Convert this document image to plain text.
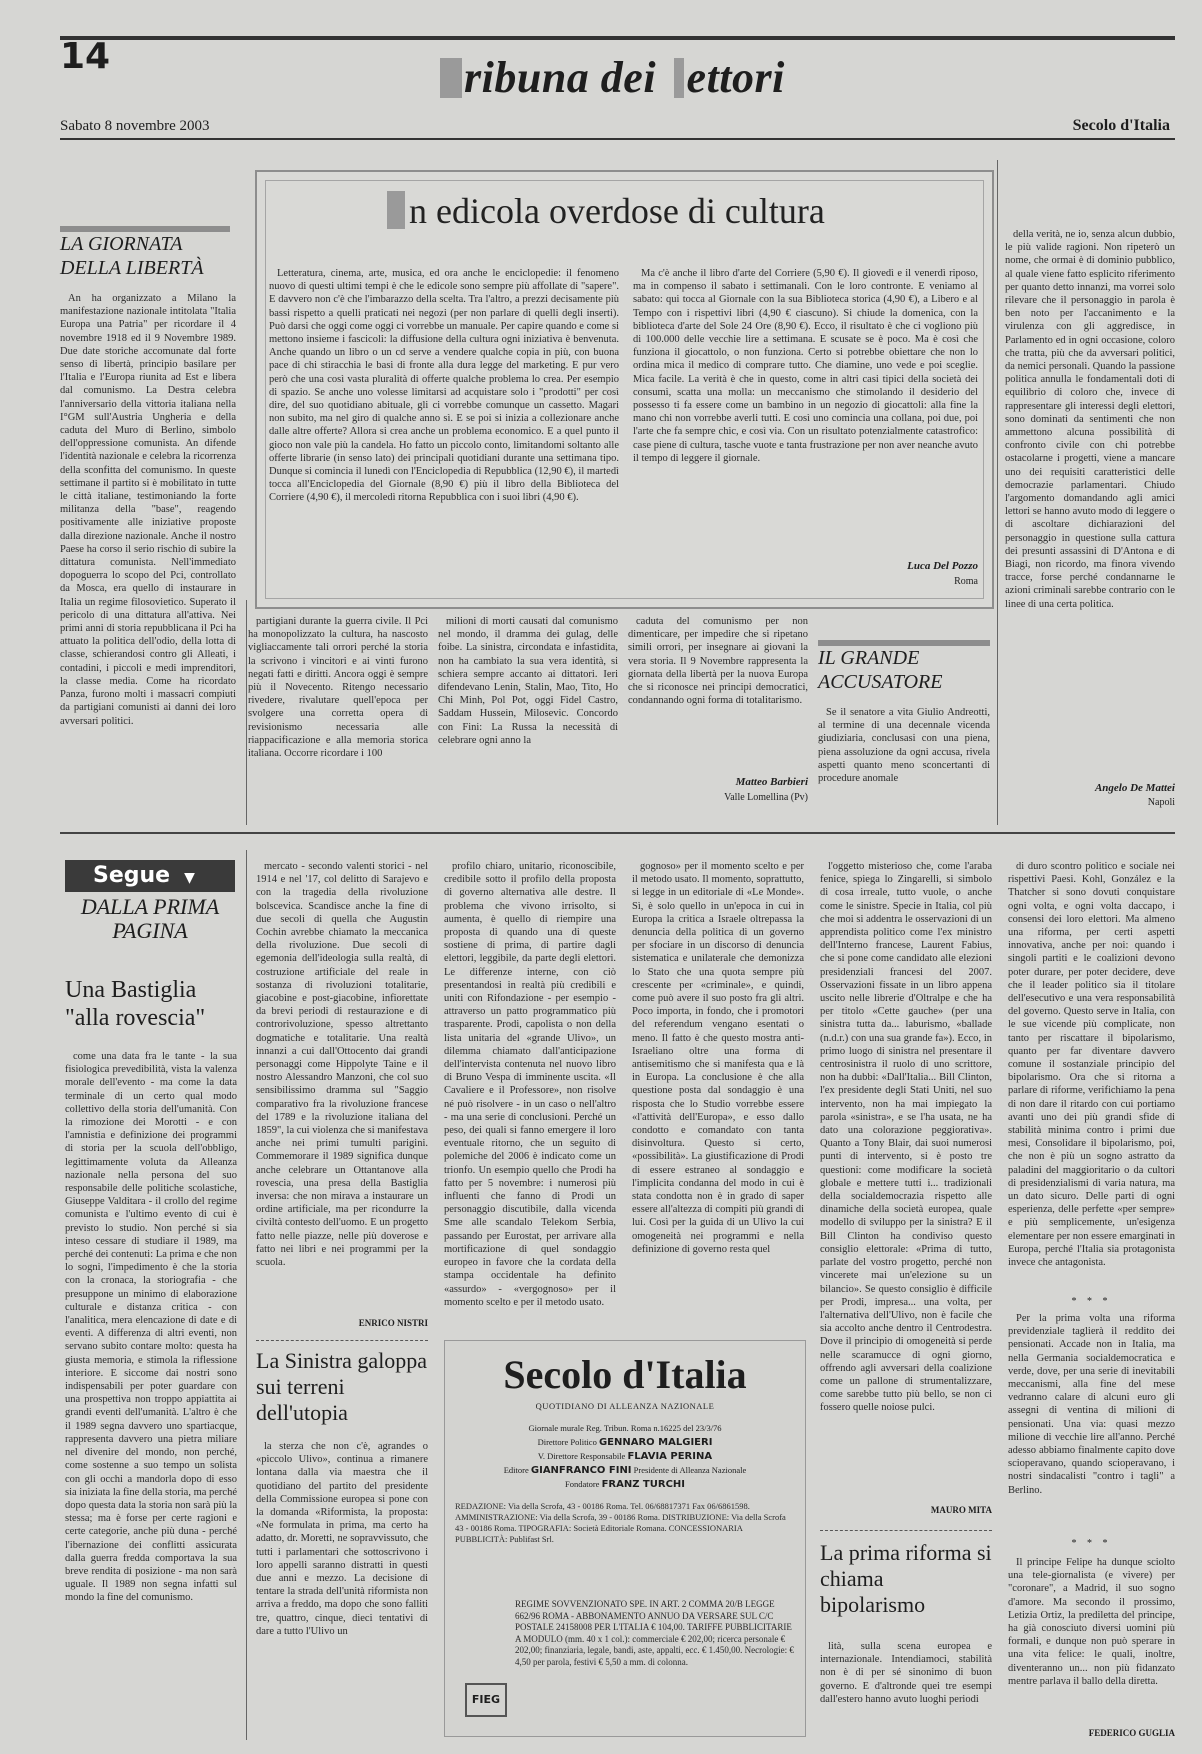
14	ribuna dei ettori
Sabato 8 novembre 2003	Secolo d'Italia
LA GIORNATA DELLA LIBERTÀ

An ha organizzato a Milano la manifestazione nazionale intitolata "Italia Europa una Patria" per ricordare il 4 novembre 1918 ed il 9 Novembre 1989. Due date storiche accomunate dal forte senso di libertà, principio basilare per l'Italia e l'Europa riunita ad Est e libera dal comunismo. La Destra celebra l'anniversario della vittoria italiana nella I°GM sull'Austria Ungheria e della caduta del Muro di Berlino, simbolo dell'oppressione comunista. An difende l'identità nazionale e celebra la ricorrenza della sconfitta del comunismo. In queste settimane il partito si è mobilitato in tutte le città italiane, testimoniando la forte militanza della "base", reagendo positivamente alle iniziative proposte dalla direzione nazionale. Anche il nostro Paese ha corso il serio rischio di subire la dittatura comunista. Nell'immediato dopoguerra lo scopo del Pci, controllato da Mosca, era quello di instaurare in Italia un regime filosovietico. Superato il pericolo di una dittatura all'attiva. Nei primi anni di storia repubblicana il Pci ha attuato la politica dell'odio, della lotta di classe, schierandosi contro gli Alleati, i contadini, i piccoli e medi imprenditori, la classe media. Come ha ricordato Panza, furono molti i massacri compiuti da partigiani comunisti ai danni dei loro avversari politici.

n edicola overdose di cultura

Letteratura, cinema, arte, musica, ed ora anche le enciclopedie: il fenomeno nuovo di questi ultimi tempi è che le edicole sono sempre più affollate di "sapere". E davvero non c'è che l'imbarazzo della scelta. Tra l'altro, a prezzi decisamente più bassi rispetto a quelli praticati nei negozi (per non parlare di quelli degli inserti). Può darsi che oggi come oggi ci vorrebbe un manuale. Per capire quando e come si mettono insieme i fascicoli: la diffusione della cultura ogni iniziativa è benvenuta. Anche quando un libro o un cd serve a vendere qualche copia in più, con buona pace di chi stiracchia le basi di fronte alla dura legge del marketing. E pur vero però che una così vasta pluralità di offerte qualche problema lo crea. Per esempio di spazio. Se anche uno volesse limitarsi ad acquistare solo i "prodotti" per così dire, del suo quotidiano abituale, gli ci vorrebbe comunque un cassetto. Magari non subito, ma nel giro di qualche anno sì. E se poi si inizia a collezionare anche dalle altre offerte? Allora si crea anche un problema economico. E a quel punto il gioco non vale più la candela. Ho fatto un piccolo conto, limitandomi soltanto alle offerte librarie (in senso lato) dei principali quotidiani durante una settimana tipo. Dunque si comincia il lunedì con l'Enciclopedia di Repubblica (12,90 €), il martedì tocca all'Enciclopedia del Giornale (8,90 €) più il libro della Biblioteca del Corriere (4,90 €), il mercoledì ritorna Repubblica con i suoi libri (4,90 €).

Ma c'è anche il libro d'arte del Corriere (5,90 €). Il giovedì e il venerdì riposo, ma in compenso il sabato i settimanali. Con le loro contronte. E veniamo al sabato: qui tocca al Giornale con la sua Biblioteca storica (4,90 €), a Libero e al Tempo con i rispettivi libri (4,90 € ciascuno). Si chiude la domenica, con la biblioteca d'arte del Sole 24 Ore (8,90 €). Ecco, il risultato è che ci vogliono più di 100.000 delle vecchie lire a settimana. E scusate se è poco. Ma è così che funziona il giocattolo, o non funziona. Certo si potrebbe obiettare che non lo ordina mica il medico di comprare tutto. Che diamine, uno vede e poi sceglie. Mica facile. La verità è che in questo, come in altri casi tipici della società dei consumi, scatta una molla: un meccanismo che stimolando il desiderio del possesso ti fa essere come un bambino in un negozio di giocattoli: alla fine la mano chi non vorrebbe averli tutti. E così uno comincia una collana, poi due, poi l'arte che fa sempre chic, e così via. Con un risultato potenzialmente catastrofico: case piene di cultura, tasche vuote e tanta frustrazione per non aver neanche avuto il tempo di leggere il giornale.

Luca Del Pozzo
Roma

della verità, ne io, senza alcun dubbio, le più valide ragioni. Non ripeterò un nome, che ormai è di dominio pubblico, al quale viene fatto esplicito riferimento per quanto detto innanzi, ma vorrei solo rilevare che il personaggio in parola è ben noto per l'accanimento e la virulenza con gli aggredisce, in Parlamento ed in ogni occasione, coloro che tratta, più che da avversari politici, da nemici personali. Quando la passione politica annulla le fondamentali doti di equilibrio di coloro che, invece di rappresentare gli interessi degli elettori, sono dominati da sentimenti che non ammettono alcuna possibilità di confronto civile con chi potrebbe ostacolarne i progetti, viene a mancare uno dei requisiti caratteristici delle democrazie parlamentari. Chiudo l'argomento domandando agli amici lettori se hanno avuto modo di leggere o di ascoltare dichiarazioni del personaggio in questione sulla cattura dei presunti assassini di D'Antona e di Biagi, non ricordo, ma finora vivendo tracce, forse perché condannarne le azioni criminali sarebbe contrario con le linee di una certa politica.

Angelo De Mattei
Napoli

partigiani durante la guerra civile. Il Pci ha monopolizzato la cultura, ha nascosto vigliaccamente tali orrori perché la storia la scrivono i vincitori e ai vinti furono negati fatti e diritti. Ancora oggi è sempre più il Novecento. Ritengo necessario rivedere, rivalutare quell'epoca per svolgere una corretta opera di revisionismo necessaria alle riappacificazione e alla memoria storica italiana. Occorre ricordare i 100

milioni di morti causati dal comunismo nel mondo, il dramma dei gulag, delle foibe. La sinistra, circondata e infastidita, non ha cambiato la sua vera identità, si schiera sempre accanto ai dittatori. Ieri difendevano Lenin, Stalin, Mao, Tito, Ho Chi Minh, Pol Pot, oggi Fidel Castro, Saddam Hussein, Milosevic. Concordo con Fini: La Russa la necessità di celebrare ogni anno la

caduta del comunismo per non dimenticare, per impedire che si ripetano simili orrori, per insegnare ai giovani la vera storia. Il 9 Novembre rappresenta la giornata della libertà per la nuova Europa che si riconosce nei principi democratici, condannando ogni forma di totalitarismo.

Matteo Barbieri
Valle Lomellina (Pv)
IL GRANDE ACCUSATORE

Se il senatore a vita Giulio Andreotti, al termine di una decennale vicenda giudiziaria, conclusasi con una piena, piena assoluzione da ogni accusa, rivela aspetti quanto meno sconcertanti di procedure anomale

Segue ▼
DALLA PRIMA PAGINA
Una Bastiglia "alla rovescia"

come una data fra le tante - la sua fisiologica prevedibilità, vista la valenza morale dell'evento - ma come la data terminale di un certo qual modo collettivo della storia dell'umanità. Con la rimozione dei Morotti - e con l'amnistia e definizione dei programmi di storia per la scuola dell'obbligo, legittimamente voluta da Alleanza nazionale nella persona del suo responsabile delle politiche scolastiche, Giuseppe Valditara - il crollo del regime comunista e l'ultimo evento di cui è previsto lo studio. Non perché si sia inteso cessare di studiare il 1989, ma perché dei contenuti: La prima e che non lo sogni, l'impedimento è che la storia con la cronaca, la storiografia - che presuppone un minimo di elaborazione culturale e distanza critica - con l'analitica, mera elencazione di date e di eventi. A differenza di altri eventi, non servano subito contare molto: questa ha giusta memoria, e stimola la riflessione interiore. E siccome dai nostri sono indispensabili per poter guardare con una prospettiva non troppo appiattita ai grandi eventi dell'umanità. L'altro è che il 1989 segna davvero uno spartiacque, rappresenta davvero una pietra miliare nel divenire del mondo, non perché, come sostenne a suo tempo un solista con gli occhi a mandorla dopo di esso sia iniziata la fine della storia, ma perché dopo questa data la storia non sarà più la stessa; ma è forse per certe ragioni e certe categorie, anche più duna - perché l'ibernazione dei conflitti assicurata dalla guerra fredda comportava la sua breve rendita di posizione - ma non sarà uguale. Il 1989 non segna infatti sul mondo la fine del comunismo.

mercato - secondo valenti storici - nel 1914 e nel '17, col delitto di Sarajevo e con la tragedia della rivoluzione bolscevica. Scandisce anche la fine di due secoli di quella che Augustin Cochin avrebbe chiamato la meccanica della rivoluzione. Due secoli di egemonia dell'ideologia sulla realtà, di costruzione artificiale del reale in sostanza di rivoluzioni totalitarie, giacobine e post-giacobine, infiorettate da brevi periodi di restaurazione e di controrivoluzione, spesso altrettanto dogmatiche e totalitarie. Una realtà innanzi a cui dall'Ottocento dai grandi personaggi come Hippolyte Taine e il nostro Alessandro Manzoni, che col suo sensibilissimo dramma sul "Saggio comparativo fra la rivoluzione francese del 1789 e la rivoluzione italiana del 1859", la cui violenza che si manifestava anche nei primi tumulti parigini. Commemorare il 1989 significa dunque anche celebrare un Ottantanove alla rovescia, una presa della Bastiglia inversa: che non mirava a instaurare un ordine artificiale, ma per ricondurre la civiltà contesto dell'uomo. E un progetto fatto nelle piazze, nelle più doverose e fatto nei libri e nei programmi per la scuola.

ENRICO NISTRI
La Sinistra galoppa sui terreni dell'utopia

la sterza che non c'è, agrandes o «piccolo Ulivo», continua a rimanere lontana dalla via maestra che il quotidiano del partito del presidente della Commissione europea si pone con la domanda «Riformista, la proposta: «Ne formulata in prima, ma certo ha adatto, dr. Moretti, ne sopravvissuto, che tutti i parlamentari che sottoscrivono i loro appelli saranno distratti in questi due anni e mezzo. La decisione di tentare la strada dell'unità riformista non arriva a freddo, ma dopo che sono falliti tre, quattro, cinque, dieci tentativi di dare a tutto l'Ulivo un

profilo chiaro, unitario, riconoscibile, credibile sotto il profilo della proposta di governo alternativa alle destre. Il problema che vivono irrisolto, si aumenta, è quello di riempire una proposta di quando una di queste sostiene di prima, di partire dagli elettori, leggibile, da parte degli elettori. Le differenze interne, con ciò presentandosi in realtà più credibili e uniti con Rifondazione - per esempio - attraverso un patto programmatico più trasparente. Prodi, capolista o non della lista unitaria del «grande Ulivo», un dilemma chiamato dall'anticipazione dell'intervista contenuta nel nuovo libro di Bruno Vespa di imminente uscita. «Il Cavaliere e il Professore», non risolve né può risolvere - in un caso o nell'altro - ma una serie di conclusioni. Perché un peso, dei quali si fanno emergere il loro eventuale ritorno, che un seguito di polemiche del 2006 è indicato come un trionfo. Un esempio quello che Prodi ha fatto per 5 novembre: i numerosi più influenti che fanno di Prodi un personaggio discutibile, dalla vicenda Sme alle scandalo Telekom Serbia, passando per Eurostat, per arrivare alla mortificazione di quel sondaggio europeo in favore che la cordata della stampa occidentale ha definito «assurdo» - «vergognoso» per il momento scelto e per il metodo usato.

gognoso» per il momento scelto e per il metodo usato. Il momento, soprattutto, si legge in un editoriale di «Le Monde». Sì, è solo quello in un'epoca in cui in Europa la critica a Israele oltrepassa la denuncia della politica di un governo per sfociare in un discorso di denuncia sistematica e unilaterale che demonizza lo Stato che una quota sempre più crescente per «criminale», e quindi, come può avere il suo posto fra gli altri. Poco importa, in fondo, che i promotori del referendum vengano esentati o meno. Il fatto è che questo mostra anti-Israeliano oltre una forma di antisemitismo che si manifesta qua e là in Europa. La conclusione è che alla questione posta dal sondaggio è una risposta che lo Studio vorrebbe essere «l'attività dell'Europa», e esso dallo condotto e comandato con tanta disinvoltura. Questo si certo, «possibilità». La giustificazione di Prodi di essere estraneo al sondaggio e l'implicita condanna del modo in cui è stata condotta non è in grado di saper essere all'altezza di compiti più grandi di lui. Così per la guida di un Ulivo la cui omogeneità nei programmi e nella definizione di governo resta quel

Secolo d'Italia
QUOTIDIANO DI ALLEANZA NAZIONALE
Giornale murale Reg. Tribun. Roma n.16225 del 23/3/76
Direttore Politico GENNARO MALGIERI
V. Direttore Responsabile FLAVIA PERINA
Editore GIANFRANCO FINI Presidente di Alleanza Nazionale
Fondatore FRANZ TURCHI
REDAZIONE: Via della Scrofa, 43 - 00186 Roma. Tel. 06/68817371 Fax 06/6861598. AMMINISTRAZIONE: Via della Scrofa, 39 - 00186 Roma. DISTRIBUZIONE: Via della Scrofa 43 - 00186 Roma. TIPOGRAFIA: Società Editoriale Romana. CONCESSIONARIA PUBBLICITÀ: Publifast Srl.
REGIME SOVVENZIONATO SPE. IN ART. 2 COMMA 20/B LEGGE 662/96 ROMA - ABBONAMENTO ANNUO DA VERSARE SUL C/C POSTALE 24158008 PER L'ITALIA € 104,00. TARIFFE PUBBLICITARIE A MODULO (mm. 40 x 1 col.): commerciale € 202,00; ricerca personale € 202,00; finanziaria, legale, bandi, aste, appalti, ecc. € 1.450,00. Necrologie: € 4,50 per parola, festivi € 5,50 a mm. di colonna.
FIEG

l'oggetto misterioso che, come l'araba fenice, spiega lo Zingarelli, si simbolo di cosa irreale, tutto vuole, o anche come le sinistre. Specie in Italia, col più che moi si addentra le osservazioni di un apprendista politico come l'ex ministro dell'Interno francese, Laurent Fabius, che si pone come candidato alle elezioni presidenziali francesi del 2007. Osservazioni fissate in un libro appena uscito nelle librerie d'Oltralpe e che ha per titolo «Cette gauche» (per una sinistra tutta da... laburismo, «ballade (n.d.r.) con una sua grande fa»). Ecco, in primo luogo di sinistra nel presentare il centrosinistra il ruolo di uno scrittore, non ha dubbi: «Dall'Italia... Bill Clinton, l'ex presidente degli Stati Uniti, nel suo intervento, non ha mai impiegato la parola «sinistra», e se l'ha usata, ne ha dato una colorazione peggiorativa». Quanto a Tony Blair, dai suoi numerosi punti di intervento, si è posto tre questioni: come modificare la società globale e mettere tutti i... tradizionali della socialdemocrazia rispetto alle dinamiche della società europea, quale modello di sviluppo per la sinistra? E il Bill Clinton ha condiviso questo consiglio elettorale: «Prima di tutto, parlate del vostro progetto, perché non vincerete mai un'elezione su un bilancio». Se questo consiglio è difficile per Prodi, impresa... una volta, per l'alternativa dell'Ulivo, non è facile che sia accolto anche dentro il Centrodestra. Dove il principio di omogeneità si perde nelle scaramucce di ogni giorno, offrendo agli avversari della coalizione come un pallone di strumentalizzare, come sarebbe tutto più bello, se non ci fossero quelle noiose pulci.

MAURO MITA
La prima riforma si chiama bipolarismo

lità, sulla scena europea e internazionale. Intendiamoci, stabilità non è di per sé sinonimo di buon governo. E d'altronde quei tre esempi dall'estero hanno avuto luoghi periodi

di duro scontro politico e sociale nei rispettivi Paesi. Kohl, González e la Thatcher si sono dovuti conquistare ogni volta, e ogni volta daccapo, i consensi dei loro elettori. Ma almeno una riforma, per certi aspetti innovativa, anche per noi: quando i singoli partiti e le coalizioni devono poter durare, per poter decidere, deve che il leader politico sia il titolare dell'esecutivo e una vera responsabilità del governo. Questo serve in Italia, con le sue vicende più complicate, non tanto per riscattare il bipolarismo, quanto per far diventare davvero comune il sostanziale principio del bipolarismo. Ora che si ritorna a parlare di riforme, verifichiamo la pena di non dare il ritardo con cui portiamo avanti uno dei più grandi sfide di stabilità minima contro i primi due mesi, Consolidare il bipolarismo, poi, che non è più un sogno astratto da paladini del maggioritario o da cultori di presidenzialismi di varia natura, ma un dato sicuro. Delle parti di ogni esperienza, delle perfette «per sempre» e più semplicemente, un'esigenza elementare per non essere emarginati in Europa, perché l'Italia sia protagonista invece che antagonista.

* * *

Per la prima volta una riforma previdenziale taglierà il reddito dei pensionati. Accade non in Italia, ma nella Germania socialdemocratica e verde, dove, per una serie di inevitabili meccanismi, alla fine del mese vedranno calare di alcuni euro gli assegni di ventina di milioni di pensionati. Una via: quasi mezzo milione di vecchie lire all'anno. Perché adesso abbiamo finalmente capito dove scioperavano, quando scioperavano, i nostri sindacalisti "contro i tagli" a Berlino.

* * *

Il principe Felipe ha dunque sciolto una tele-giornalista (e vivere) per "coronare", a Madrid, il suo sogno d'amore. Ma secondo il prossimo, Letizia Ortiz, la prediletta del principe, ha già conosciuto diversi uomini più formali, e dunque non può sperare in una vita felice: le quali, inoltre, diventeranno un... non più fidanzato mentre parlava il ballo della diretta.

FEDERICO GUGLIA
